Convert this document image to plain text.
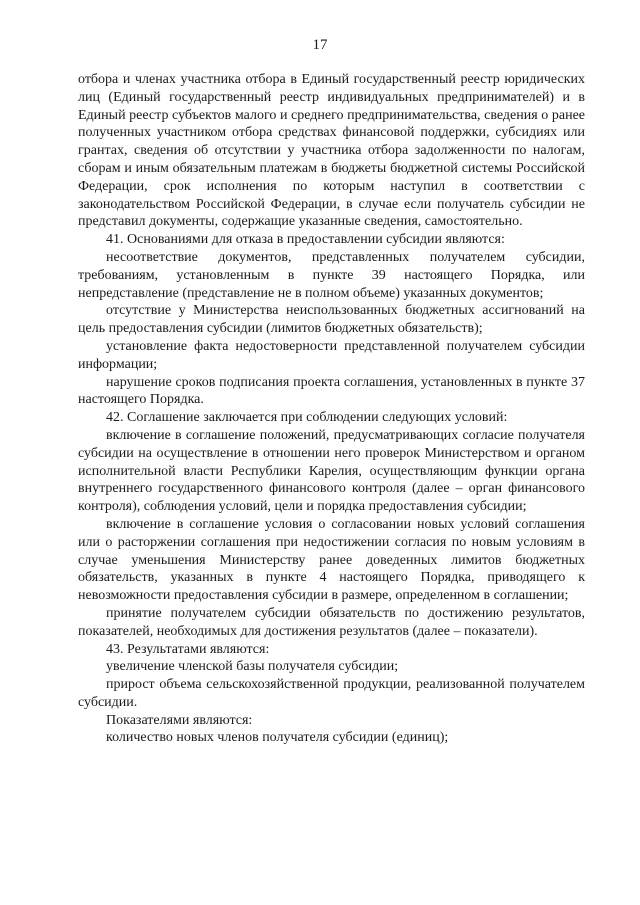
17

отбора и членах участника отбора в Единый государственный реестр юридических лиц (Единый государственный реестр индивидуальных предпринимателей) и в Единый реестр субъектов малого и среднего предпринимательства, сведения о ранее полученных участником отбора средствах финансовой поддержки, субсидиях или грантах, сведения об отсутствии у участника отбора задолженности по налогам, сборам и иным обязательным платежам в бюджеты бюджетной системы Российской Федерации, срок исполнения по которым наступил в соответствии с законодательством Российской Федерации, в случае если получатель субсидии не представил документы, содержащие указанные сведения, самостоятельно.

41. Основаниями для отказа в предоставлении субсидии являются:

несоответствие документов, представленных получателем субсидии, требованиям, установленным в пункте 39 настоящего Порядка, или непредставление (представление не в полном объеме) указанных документов;

отсутствие у Министерства неиспользованных бюджетных ассигнований на цель предоставления субсидии (лимитов бюджетных обязательств);

установление факта недостоверности представленной получателем субсидии информации;

нарушение сроков подписания проекта соглашения, установленных в пункте 37 настоящего Порядка.

42. Соглашение заключается при соблюдении следующих условий:

включение в соглашение положений, предусматривающих согласие получателя субсидии на осуществление в отношении него проверок Министерством и органом исполнительной власти Республики Карелия, осуществляющим функции органа внутреннего государственного финансового контроля (далее – орган финансового контроля), соблюдения условий, цели и порядка предоставления субсидии;

включение в соглашение условия о согласовании новых условий соглашения или о расторжении соглашения при недостижении согласия по новым условиям в случае уменьшения Министерству ранее доведенных лимитов бюджетных обязательств, указанных в пункте 4 настоящего Порядка, приводящего к невозможности предоставления субсидии в размере, определенном в соглашении;

принятие получателем субсидии обязательств по достижению результатов, показателей, необходимых для достижения результатов (далее – показатели).

43. Результатами являются:

увеличение членской базы получателя субсидии;

прирост объема сельскохозяйственной продукции, реализованной получателем субсидии.

Показателями являются:

количество новых членов получателя субсидии (единиц);
